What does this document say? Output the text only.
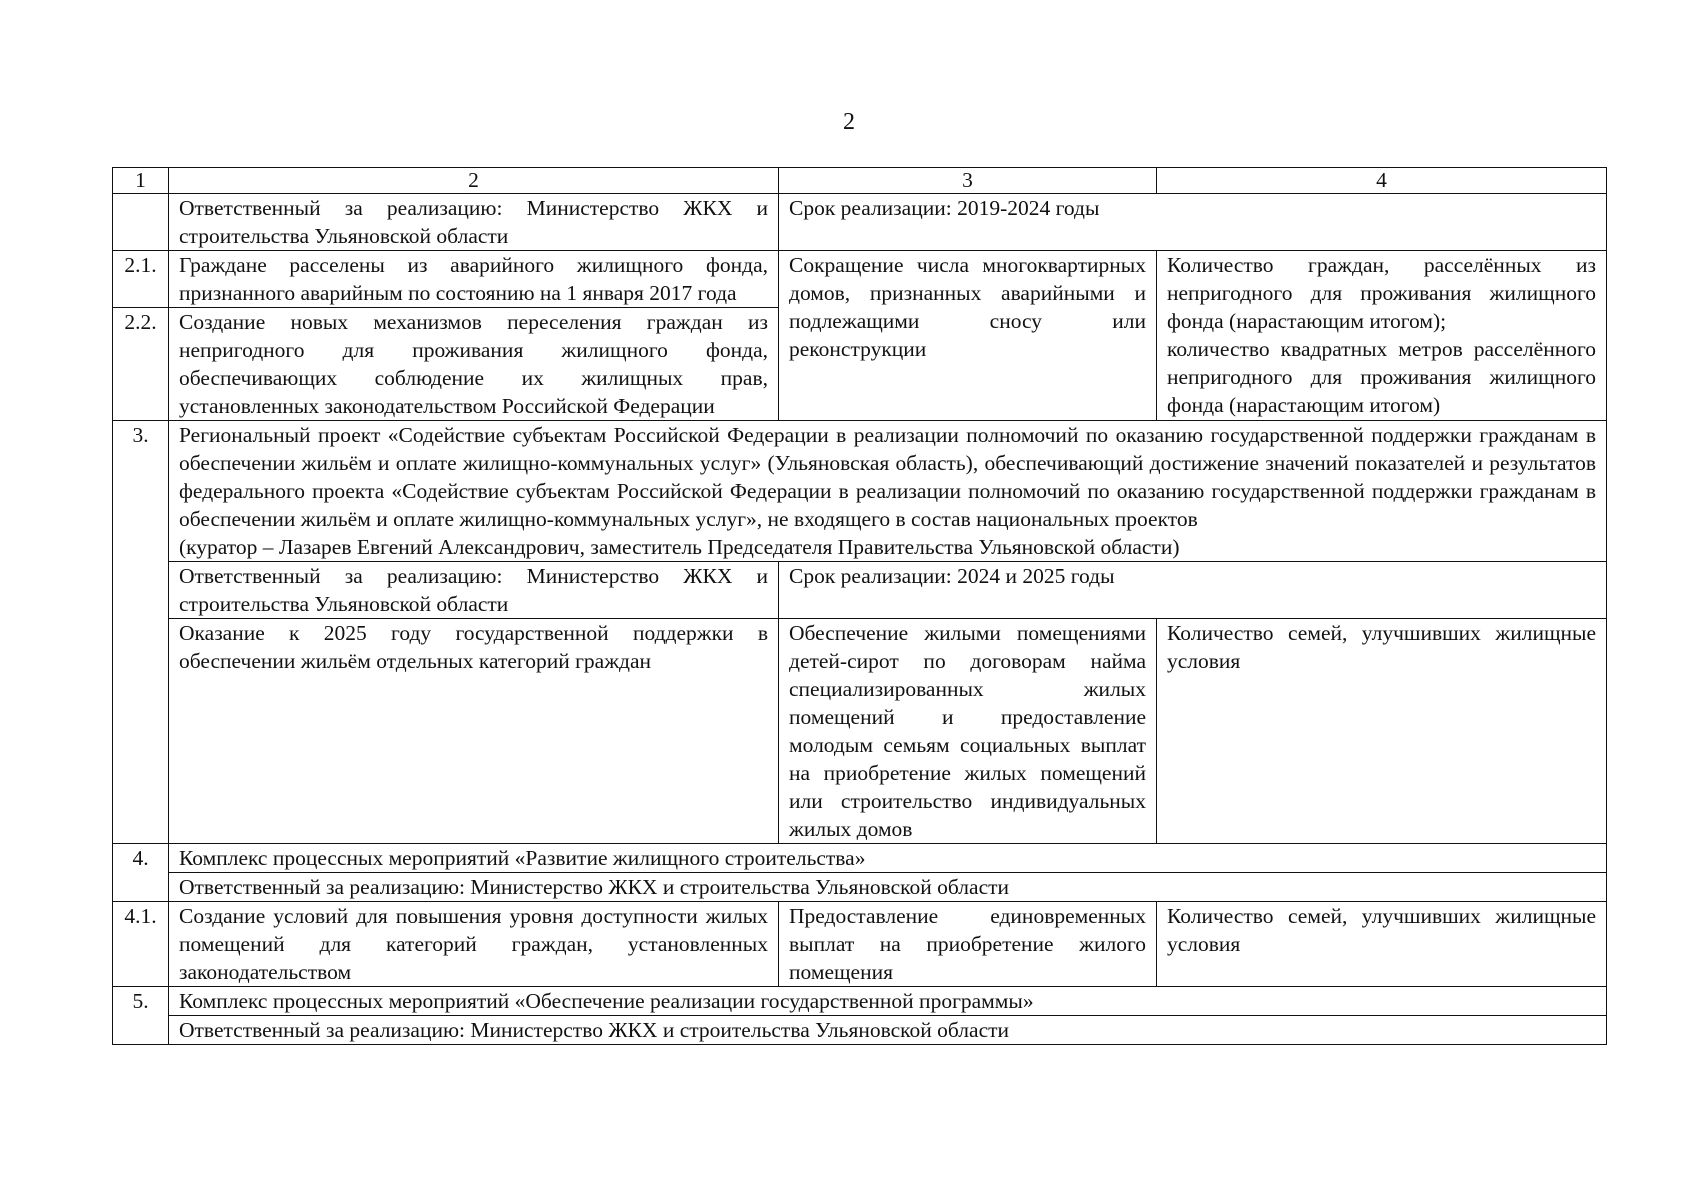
2
1	2	3	4
	Ответственный за реализацию: Министерство ЖКХ и строительства Ульяновской области	Срок реализации: 2019-2024 годы	
2.1.	Граждане расселены из аварийного жилищного фонда, признанного аварийным по состоянию на 1 января 2017 года	Сокращение числа многоквартирных домов, признанных аварийными и подлежащими сносу или реконструкции	Количество граждан, расселённых из непригодного для проживания жилищного фонда (нарастающим итогом);
количество квадратных метров расселённого непригодного для проживания жилищного фонда (нарастающим итогом)

2.2.	Создание новых механизмов переселения граждан из непригодного для проживания жилищного фонда, обеспечивающих соблюдение их жилищных прав, установленных законодательством Российской Федерации		
3.	Региональный проект «Содействие субъектам Российской Федерации в реализации полномочий по оказанию государственной поддержки гражданам в обеспечении жильём и оплате жилищно-коммунальных услуг» (Ульяновская область), обеспечивающий достижение значений показателей и результатов федерального проекта «Содействие субъектам Российской Федерации в реализации полномочий по оказанию государственной поддержки гражданам в обеспечении жильём и оплате жилищно-коммунальных услуг», не входящего в состав национальных проектов
(куратор – Лазарев Евгений Александрович, заместитель Председателя Правительства Ульяновской области)		

	Ответственный за реализацию: Министерство ЖКХ и строительства Ульяновской области	Срок реализации: 2024 и 2025 годы	
	Оказание к 2025 году государственной поддержки в обеспечении жильём отдельных категорий граждан	Обеспечение жилыми помещениями детей-сирот по договорам найма специализированных жилых помещений и предоставление молодым семьям социальных выплат на приобретение жилых помещений или строительство индивидуальных жилых домов	Количество семей, улучшивших жилищные условия
4.	Комплекс процессных мероприятий «Развитие жилищного строительства»		
	Ответственный за реализацию: Министерство ЖКХ и строительства Ульяновской области		
4.1.	Создание условий для повышения уровня доступности жилых помещений для категорий граждан, установленных законодательством	Предоставление единовременных выплат на приобретение жилого помещения	Количество семей, улучшивших жилищные условия
5.	Комплекс процессных мероприятий «Обеспечение реализации государственной программы»		
	Ответственный за реализацию: Министерство ЖКХ и строительства Ульяновской области		
